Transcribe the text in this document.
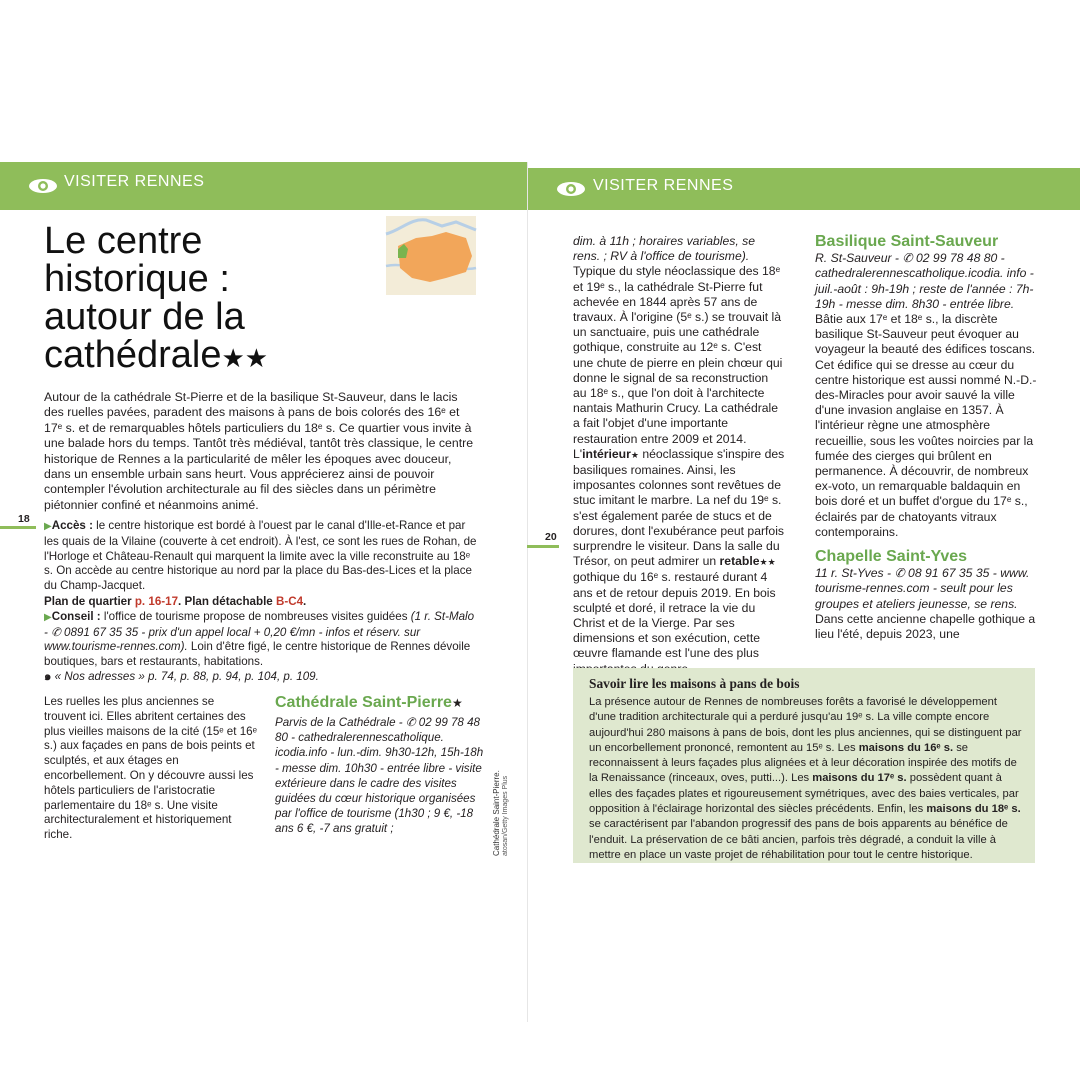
VISITER RENNES	VISITER RENNES
Le centre
historique :
autour de la
cathédrale★★

Autour de la cathédrale St-Pierre et de la basilique St-Sauveur, dans le lacis des ruelles pavées, paradent des maisons à pans de bois colorés des 16ᵉ et 17ᵉ s. et de remarquables hôtels particuliers du 18ᵉ s. Ce quartier vous invite à une balade hors du temps. Tantôt très médiéval, tantôt très classique, le centre historique de Rennes a la particularité de mêler les époques avec douceur, dans un ensemble urbain sans heurt. Vous apprécierez ainsi de pouvoir contempler l'évolution architecturale au fil des siècles dans un périmètre piétonnier confiné et néanmoins animé.

18
20
▶Accès : le centre historique est bordé à l'ouest par le canal d'Ille-et-Rance et par les quais de la Vilaine (couverte à cet endroit). À l'est, ce sont les rues de Rohan, de l'Horloge et Château-Renault qui marquent la limite avec la ville reconstruite au 18ᵉ s. On accède au centre historique au nord par la place du Bas-des-Lices et la place du Champ-Jacquet.
Plan de quartier p. 16-17. Plan détachable B-C4.
▶Conseil : l'office de tourisme propose de nombreuses visites guidées (1 r. St-Malo - ✆ 0891 67 35 35 - prix d'un appel local + 0,20 €/mn - infos et réserv. sur www.tourisme-rennes.com). Loin d'être figé, le centre historique de Rennes dévoile boutiques, bars et restaurants, habitations.
๑ « Nos adresses » p. 74, p. 88, p. 94, p. 104, p. 109.

Les ruelles les plus anciennes se trouvent ici. Elles abritent certaines des plus vieilles maisons de la cité (15ᵉ et 16ᵉ s.) aux façades en pans de bois peints et sculptés, et aux étages en encorbellement. On y découvre aussi les hôtels particuliers de l'aristocratie parlementaire du 18ᵉ s. Une visite architecturalement et historiquement riche.

Cathédrale Saint-Pierre★

Parvis de la Cathédrale - ✆ 02 99 78 48 80 - cathedralerennescatholique. icodia.info - lun.-dim. 9h30-12h, 15h-18h - messe dim. 10h30 - entrée libre - visite extérieure dans le cadre des visites guidées du cœur historique organisées par l'office de tourisme (1h30 ; 9 €, -18 ans 6 €, -7 ans gratuit ;	Cathédrale Saint-Pierre. atosan/Getty Images Plus

dim. à 11h ; horaires variables, se rens. ; RV à l'office de tourisme).

Typique du style néoclassique des 18ᵉ et 19ᵉ s., la cathédrale St-Pierre fut achevée en 1844 après 57 ans de travaux. À l'origine (5ᵉ s.) se trouvait là un sanctuaire, puis une cathédrale gothique, construite au 12ᵉ s. C'est une chute de pierre en plein chœur qui donne le signal de sa reconstruction au 18ᵉ s., que l'on doit à l'architecte nantais Mathurin Crucy. La cathédrale a fait l'objet d'une importante restauration entre 2009 et 2014.

L'intérieur★ néoclassique s'inspire des basiliques romaines. Ainsi, les imposantes colonnes sont revêtues de stuc imitant le marbre. La nef du 19ᵉ s. s'est également parée de stucs et de dorures, dont l'exubérance peut parfois surprendre le visiteur. Dans la salle du Trésor, on peut admirer un retable★★ gothique du 16ᵉ s. restauré durant 4 ans et de retour depuis 2019. En bois sculpté et doré, il retrace la vie du Christ et de la Vierge. Par ses dimensions et son exécution, cette œuvre flamande est l'une des plus

Basilique Saint-Sauveur

R. St-Sauveur - ✆ 02 99 78 48 80 - cathedralerennescatholique.icodia. info - juil.-août : 9h-19h ; reste de l'année : 7h-19h - messe dim. 8h30 - entrée libre.

Bâtie aux 17ᵉ et 18ᵉ s., la discrète basilique St-Sauveur peut évoquer au voyageur la beauté des édifices toscans. Cet édifice qui se dresse au cœur du centre historique est aussi nommé N.-D.-des-Miracles pour avoir sauvé la ville d'une invasion anglaise en 1357. À l'intérieur règne une atmosphère recueillie, sous les voûtes noircies par la fumée des cierges qui brûlent en permanence. À découvrir, de nombreux ex-voto, un remarquable baldaquin en bois doré et un buffet d'orgue du 17ᵉ s., éclairés par de chatoyants vitraux contemporains.

Chapelle Saint-Yves

11 r. St-Yves - ✆ 08 91 67 35 35 - www. tourisme-rennes.com - seult pour les groupes et ateliers jeunesse, se rens.

Dans cette ancienne chapelle gothique a lieu l'été, depuis 2023, une

Savoir lire les maisons à pans de bois

La présence autour de Rennes de nombreuses forêts a favorisé le développement d'une tradition architecturale qui a perduré jusqu'au 19ᵉ s. La ville compte encore aujourd'hui 280 maisons à pans de bois, dont les plus anciennes, qui se distinguent par un encorbellement prononcé, remontent au 15ᵉ s. Les maisons du 16ᵉ s. se reconnaissent à leurs façades plus alignées et à leur décoration inspirée des motifs de la Renaissance (rinceaux, oves, putti...). Les maisons du 17ᵉ s. possèdent quant à elles des façades plates et rigoureusement symétriques, avec des baies verticales, par opposition à l'éclairage horizontal des siècles précédents. Enfin, les maisons du 18ᵉ s. se caractérisent par l'abandon progressif des pans de bois apparents au bénéfice de l'enduit. La préservation de ce bâti ancien, parfois très dégradé, a conduit la ville à mettre en place un vaste projet de réhabilitation pour tout le centre historique.
